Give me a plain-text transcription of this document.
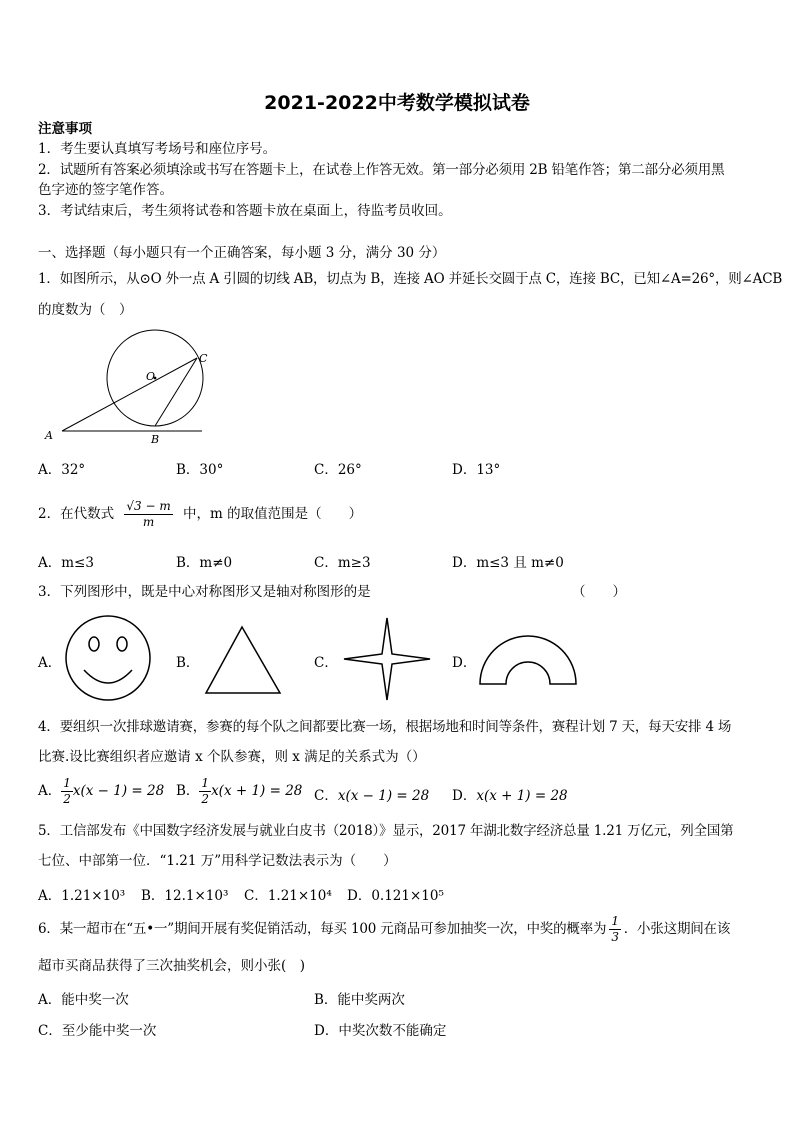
2021-2022中考数学模拟试卷
注意事项
1．考生要认真填写考场号和座位序号。
2．试题所有答案必须填涂或书写在答题卡上，在试卷上作答无效。第一部分必须用 2B 铅笔作答；第二部分必须用黑
色字迹的签字笔作答。
3．考试结束后，考生须将试卷和答题卡放在桌面上，待监考员收回。
一、选择题（每小题只有一个正确答案，每小题 3 分，满分 30 分）
1．如图所示，从⊙O 外一点 A 引圆的切线 AB，切点为 B，连接 AO 并延长交圆于点 C，连接 BC，已知∠A=26°，则∠ACB
的度数为（　）
A	B
C
O
A．32°	B．30°	C．26°	D．13°
2．在代数式 $\frac{√3 - m}{m}$ 中，m 的取值范围是（　　）
A．m≤3	B．m≠0	C．m≥3	D．m≤3 且 m≠0
3．下列图形中，既是中心对称图形又是轴对称图形的是	（　　）
A．	B．	C．	D．
4．要组织一次排球邀请赛，参赛的每个队之间都要比赛一场，根据场地和时间等条件，赛程计划 7 天，每天安排 4 场
比赛.设比赛组织者应邀请 x 个队参赛，则 x 满足的关系式为（）
A． $\frac{1}{2} x(x - 1) = 28$ B． $\frac{1}{2} x(x + 1) = 28$ C．x(x − 1) = 28 D．x(x + 1) = 28
5．工信部发布《中国数字经济发展与就业白皮书（2018）》显示，2017 年湖北数字经济总量 1.21 万亿元，列全国第
七位、中部第一位．“1.21 万”用科学记数法表示为（　　）
A．1.21×10³ B．12.1×10³ C．1.21×10⁴ D．0.121×10⁵
6．某一超市在“五•一”期间开展有奖促销活动，每买 100 元商品可参加抽奖一次，中奖的概率为 $\frac{1}{3}$ ．小张这期间在该
超市买商品获得了三次抽奖机会，则小张(　)
A．能中奖一次	B．能中奖两次
C．至少能中奖一次	D．中奖次数不能确定
